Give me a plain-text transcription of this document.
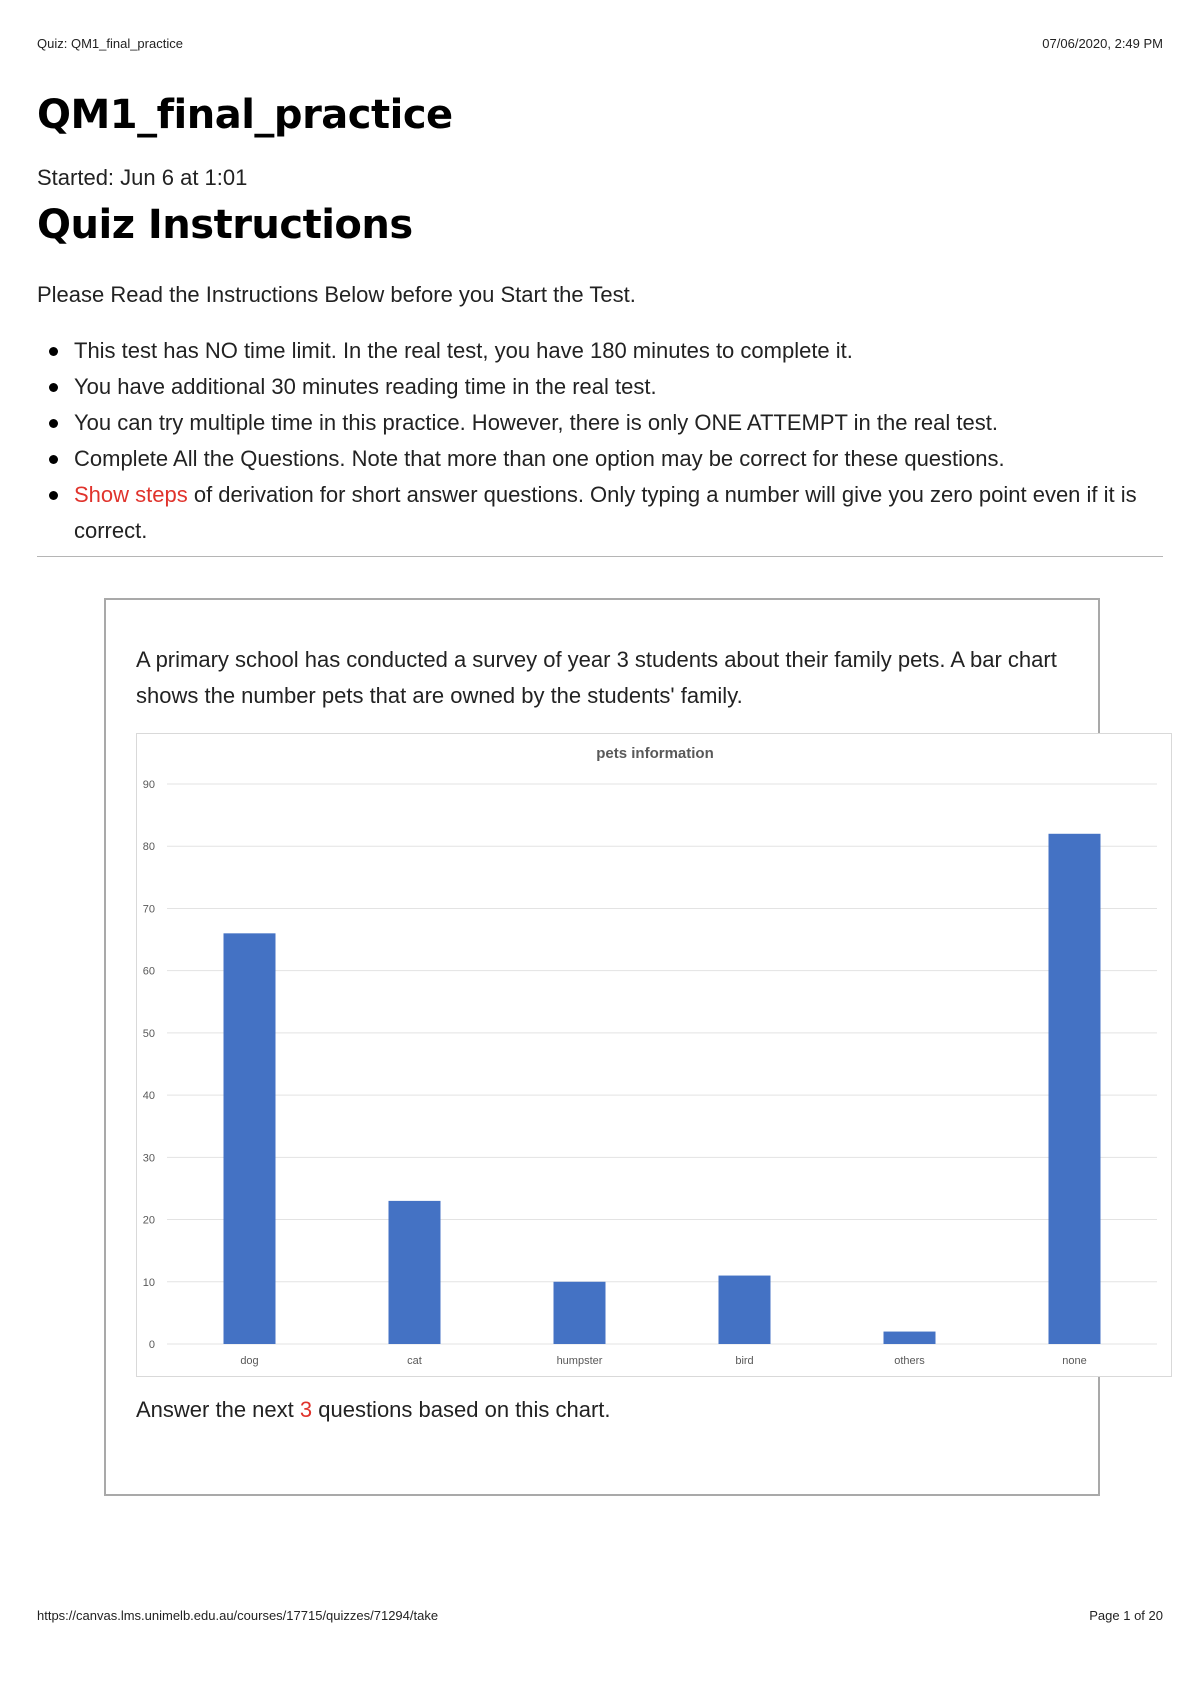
Quiz: QM1_final_practice	07/06/2020, 2:49 PM
QM1_final_practice
Started: Jun 6 at 1:01
Quiz Instructions
Please Read the Instructions Below before you Start the Test.
This test has NO time limit. In the real test, you have 180 minutes to complete it.
You have additional 30 minutes reading time in the real test.
You can try multiple time in this practice. However, there is only ONE ATTEMPT in the real test.
Complete All the Questions. Note that more than one option may be correct for these questions.
Show steps of derivation for short answer questions. Only typing a number will give you zero point even if it is correct.
A primary school has conducted a survey of year 3 students about their family pets. A bar chart shows the number pets that are owned by the students' family.
pets information
0
10
20
30
40
50
60
70
80
90
dog	cat	humpster	bird	others	none
Answer the next 3 questions based on this chart.
https://canvas.lms.unimelb.edu.au/courses/17715/quizzes/71294/take	Page 1 of 20
